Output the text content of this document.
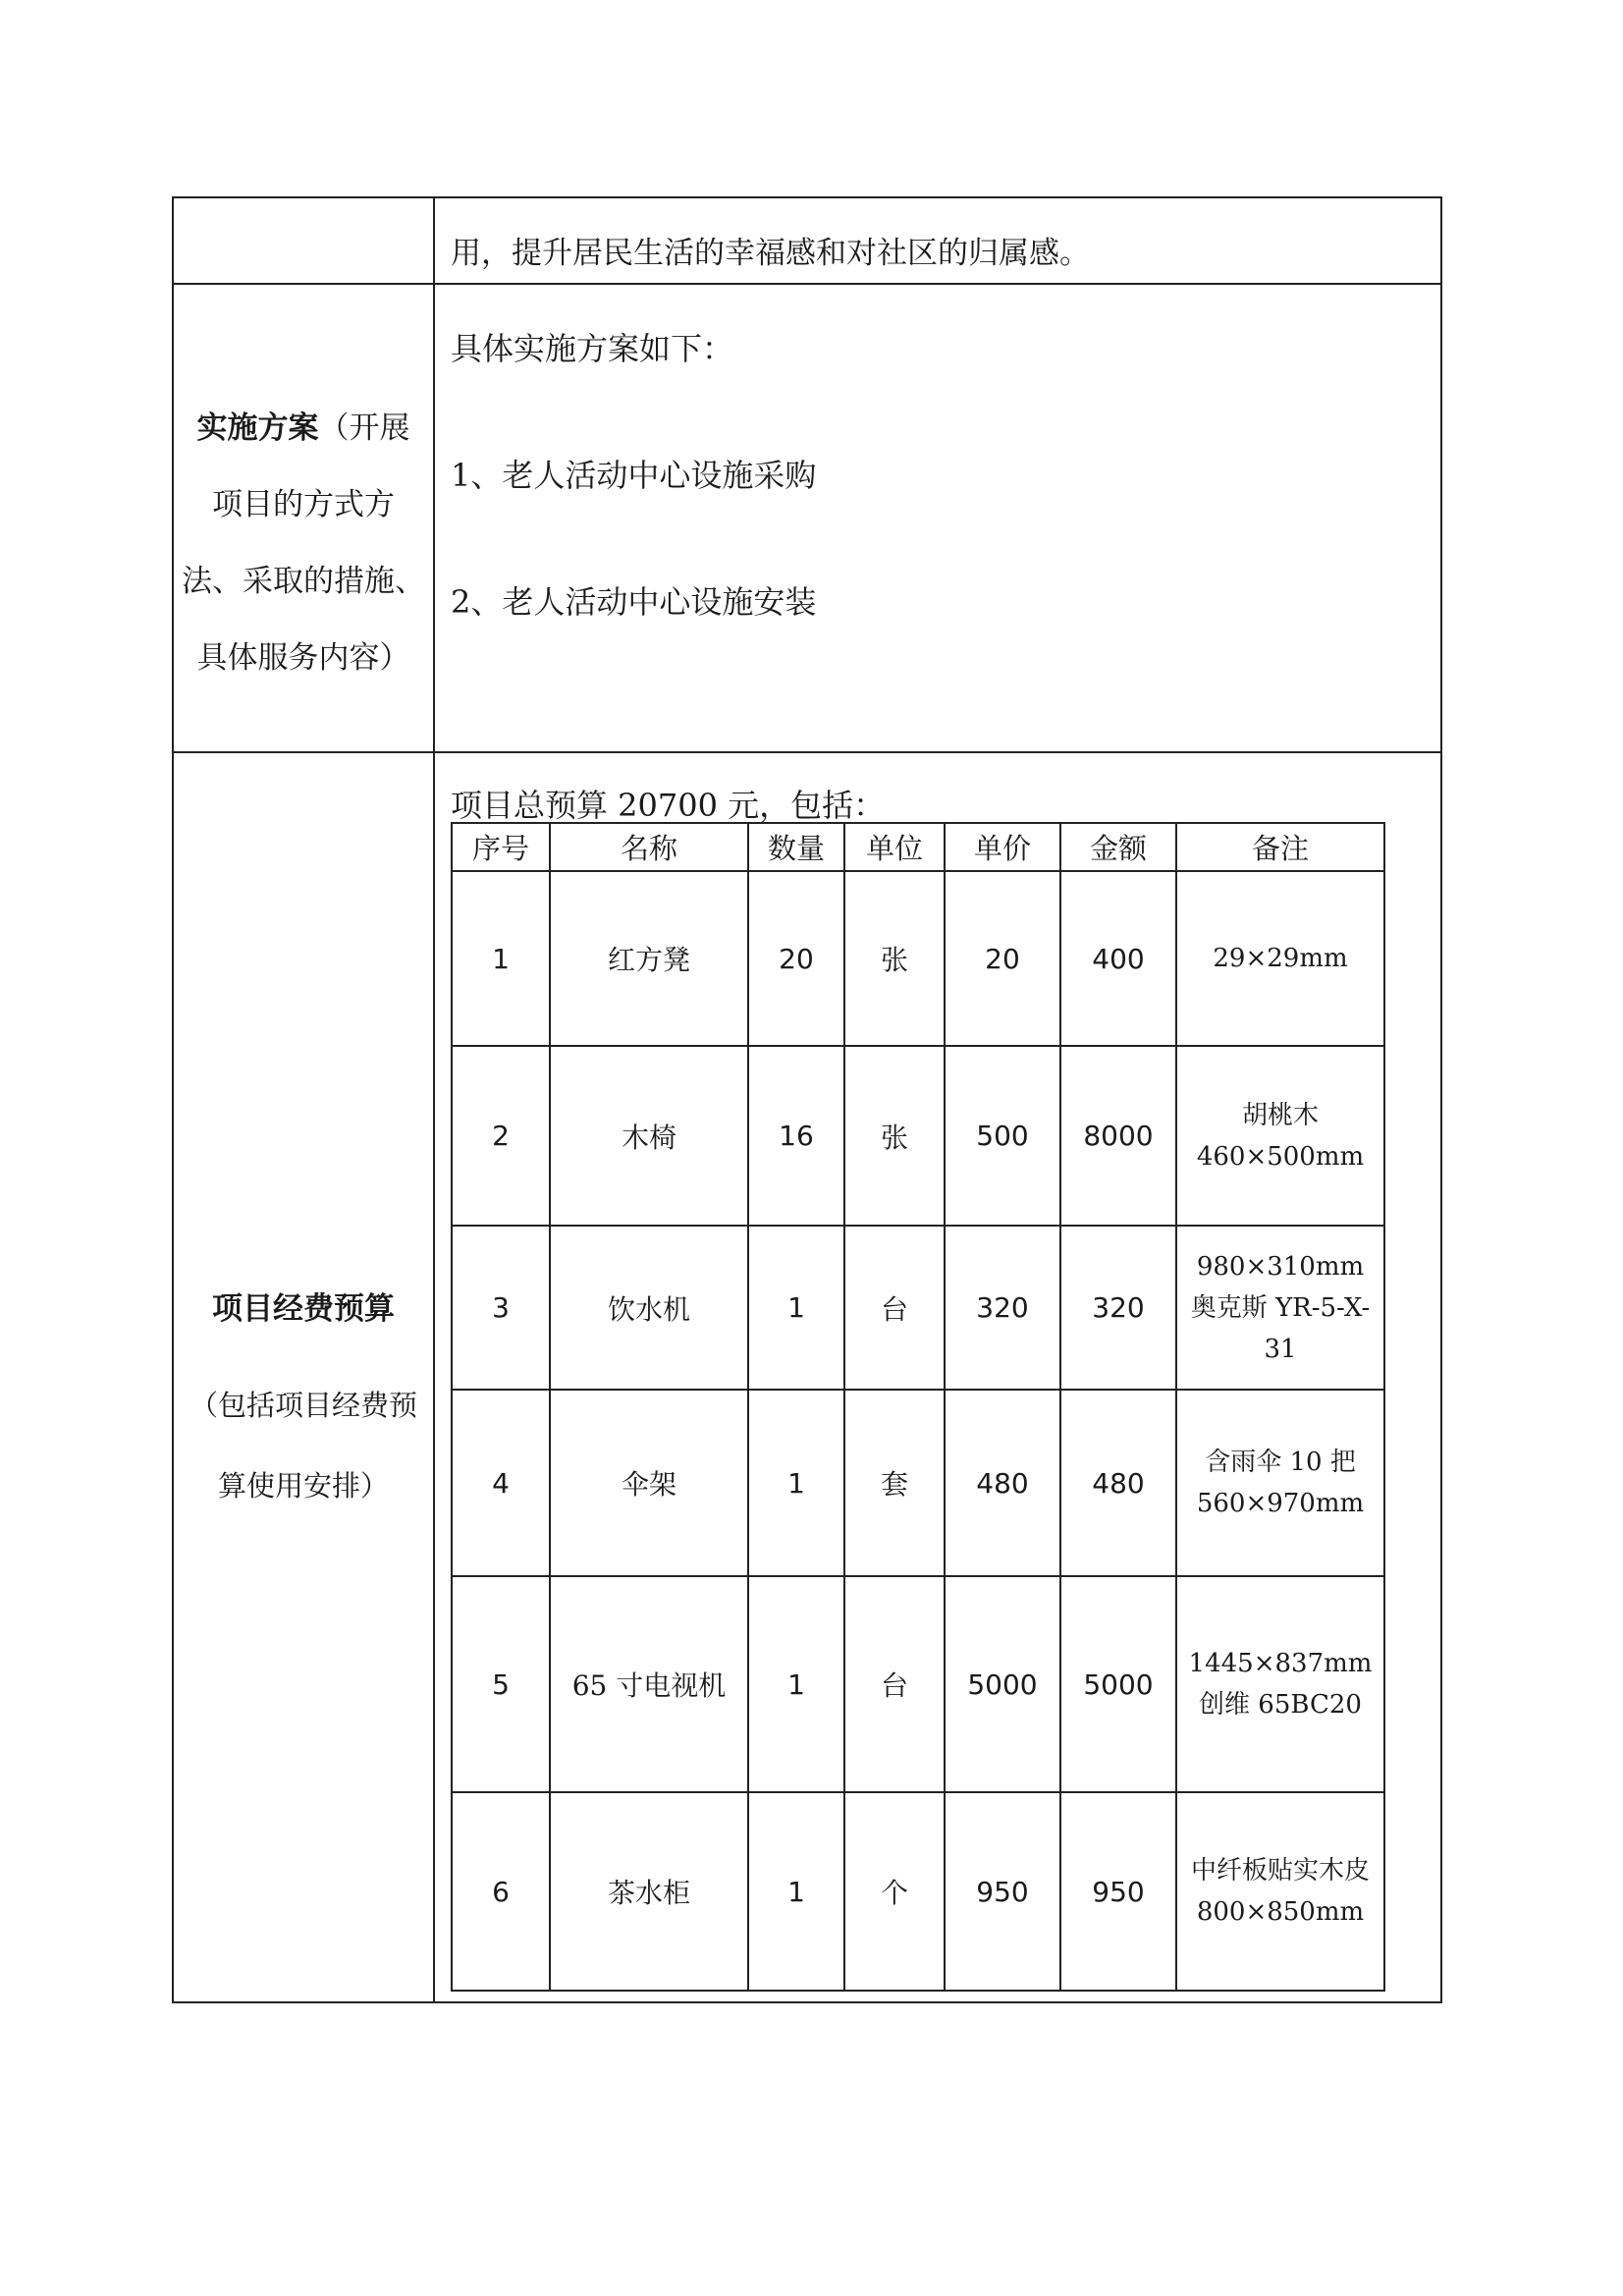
用，提升居民生活的幸福感和对社区的归属感。

实施方案（开展
项目的方式方
法、采取的措施、
具体服务内容）

具体实施方案如下：
1、老人活动中心设施采购
2、老人活动中心设施安装

项目经费预算
（包括项目经费预
算使用安排）

项目总预算 20700 元，包括：
序号	名称	数量	单位	单价	金额	备注
1	红方凳	20	张	20	400	29×29mm
2	木椅	16	张	500	8000	胡桃木 460×500mm
3	饮水机	1	台	320	320	980×310mm 奥克斯 YR-5-X-31
4	伞架	1	套	480	480	含雨伞 10 把 560×970mm
5	65 寸电视机	1	台	5000	5000	1445×837mm 创维 65BC20
6	茶水柜	1	个	950	950	中纤板贴实木皮 800×850mm
